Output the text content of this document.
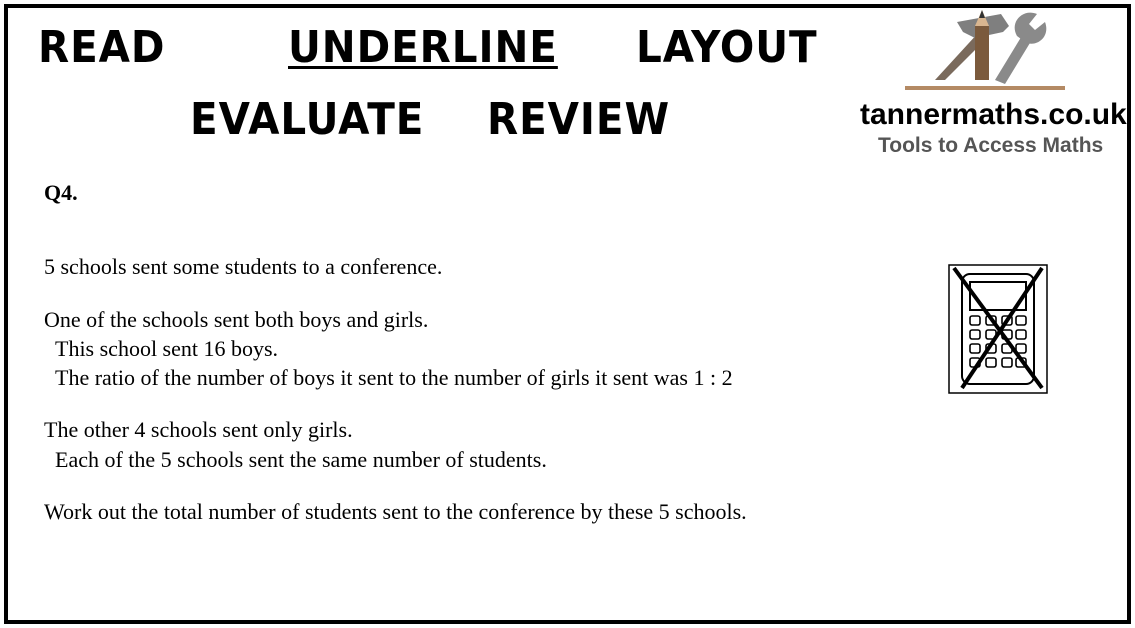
READ	UNDERLINE LAYOUT
EVALUATE REVIEW	tannermaths.co.uk
Tools to Access Maths
Q4.
5 schools sent some students to a conference.
One of the schools sent both boys and girls.
This school sent 16 boys.
The ratio of the number of boys it sent to the number of girls it sent was 1 : 2
The other 4 schools sent only girls.
Each of the 5 schools sent the same number of students.
Work out the total number of students sent to the conference by these 5 schools.
